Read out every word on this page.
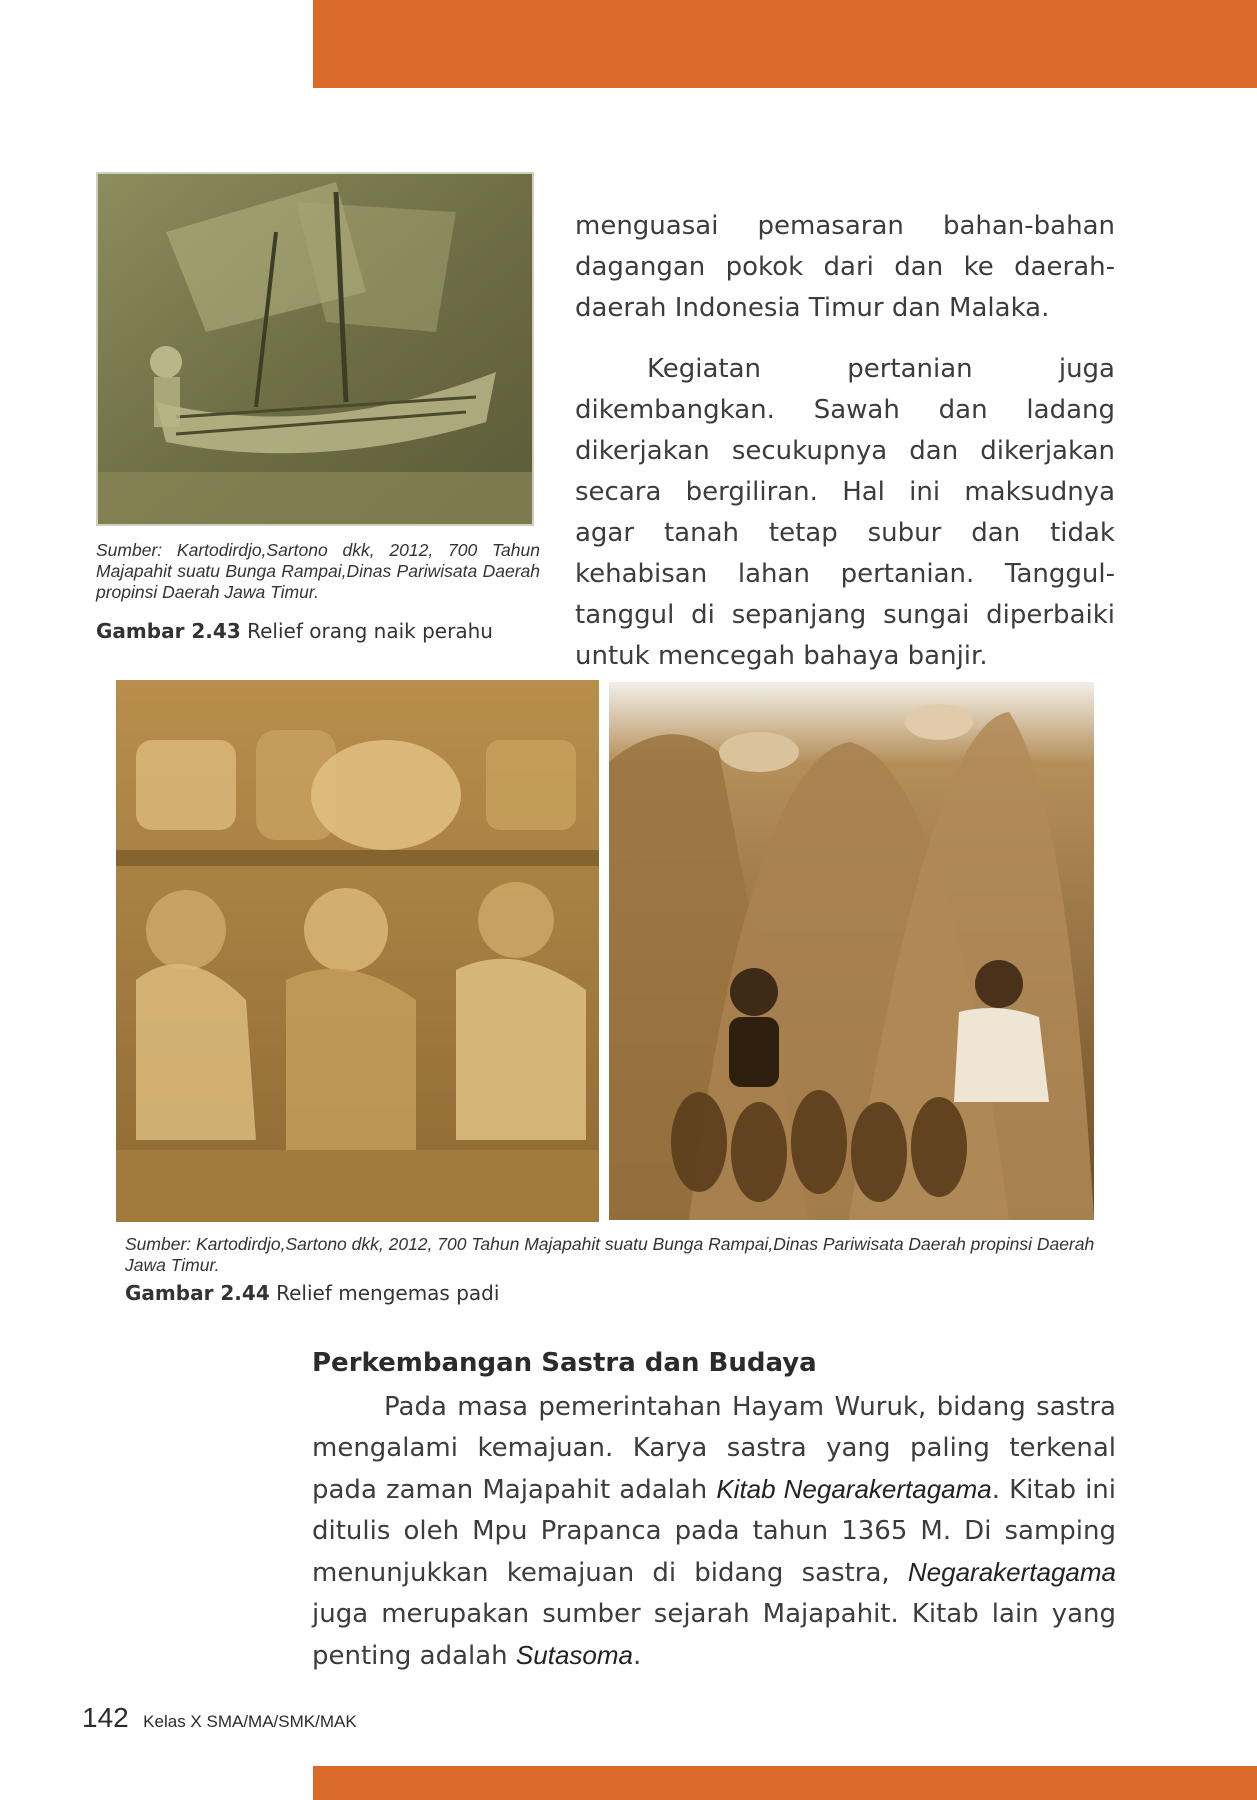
Sumber: Kartodirdjo,Sartono dkk, 2012, 700 Tahun Majapahit suatu Bunga Rampai,Dinas Pariwisata Daerah propinsi Daerah Jawa Timur.
Gambar 2.43 Relief orang naik perahu

menguasai pemasaran bahan-bahan dagangan pokok dari dan ke daerah-daerah Indonesia Timur dan Malaka.

Kegiatan pertanian juga dikembangkan. Sawah dan ladang dikerjakan secukupnya dan dikerjakan secara bergiliran. Hal ini maksudnya agar tanah tetap subur dan tidak kehabisan lahan pertanian. Tanggul-tanggul di sepanjang sungai diperbaiki untuk mencegah bahaya banjir.

Sumber: Kartodirdjo,Sartono dkk, 2012, 700 Tahun Majapahit suatu Bunga Rampai,Dinas Pariwisata Daerah propinsi Daerah Jawa Timur.
Gambar 2.44 Relief mengemas padi
Perkembangan Sastra dan Budaya

Pada masa pemerintahan Hayam Wuruk, bidang sastra mengalami kemajuan. Karya sastra yang paling terkenal pada zaman Majapahit adalah Kitab Negarakertagama. Kitab ini ditulis oleh Mpu Prapanca pada tahun 1365 M. Di samping menunjukkan kemajuan di bidang sastra, Negarakertagama juga merupakan sumber sejarah Majapahit. Kitab lain yang penting adalah Sutasoma.

142 Kelas X SMA/MA/SMK/MAK
